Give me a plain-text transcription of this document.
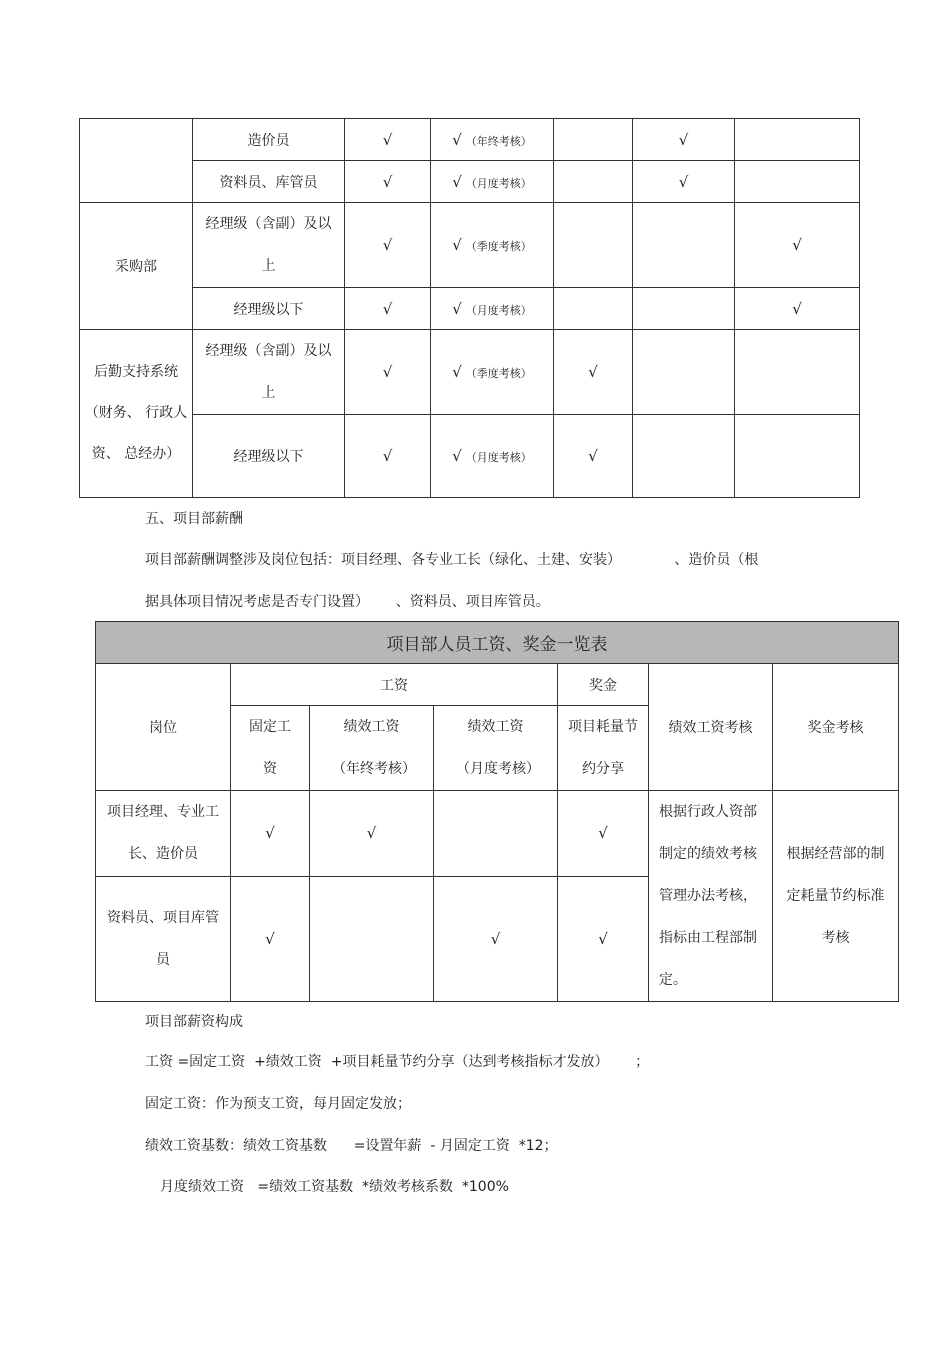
	造价员	√	√ （年终考核）		√	
	资料员、库管员	√	√ （月度考核）		√	
采购部	经理级（含副）及以上	√	√ （季度考核）			√
	经理级以下	√	√ （月度考核）			√
后勤支持系统（财务、 行政人资、 总经办）	经理级（含副）及以上	√	√ （季度考核）	√		
	经理级以下	√	√ （月度考核）	√		

五、项目部薪酬

项目部薪酬调整涉及岗位包括：项目经理、各专业工长（绿化、土建、安装）            、造价员（根

据具体项目情况考虑是否专门设置）      、资料员、项目库管员。

项目部人员工资、奖金一览表						
岗位	工资			奖金	绩效工资考核	奖金考核
	固定工资	绩效工资（年终考核）	绩效工资（月度考核）	项目耗量节约分享		
项目经理、专业工长、造价员	√	√		√	根据行政人资部制定的绩效考核管理办法考核，指标由工程部制定。	根据经营部的制定耗量节约标准考核
资料员、项目库管员	√		√	√		

项目部薪资构成

工资 =固定工资  +绩效工资  +项目耗量节约分享（达到考核指标才发放）      ；

固定工资：作为预支工资，每月固定发放；

绩效工资基数：绩效工资基数      =设置年薪  - 月固定工资  *12；

月度绩效工资   =绩效工资基数  *绩效考核系数  *100%
